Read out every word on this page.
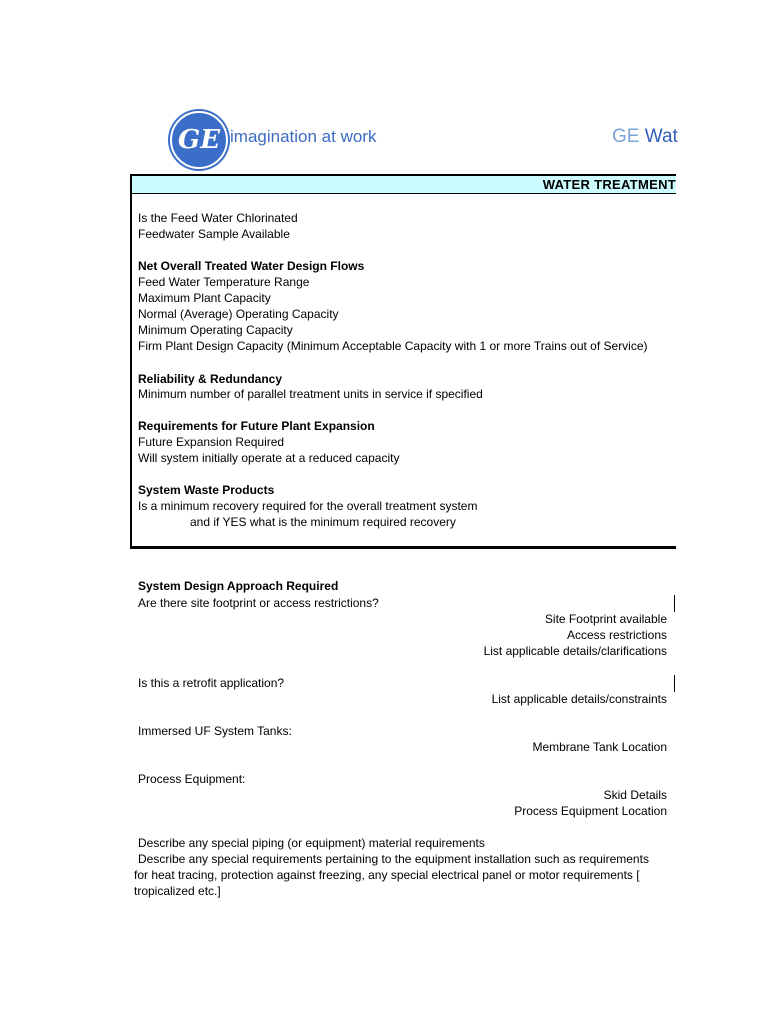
GE imagination at work	GE Wat
WATER TREATMENT
Is the Feed Water Chlorinated
Feedwater Sample Available
Net Overall Treated Water Design Flows
Feed Water Temperature Range
Maximum Plant Capacity
Normal (Average) Operating Capacity
Minimum Operating Capacity
Firm Plant Design Capacity (Minimum Acceptable Capacity with 1 or more Trains out of Service)
Reliability & Redundancy
Minimum number of parallel treatment units in service if specified
Requirements for Future Plant Expansion
Future Expansion Required
Will system initially operate at a reduced capacity
System Waste Products
Is a minimum recovery required for the overall treatment system
and if YES what is the minimum required recovery
System Design Approach Required
Are there site footprint or access restrictions?
Site Footprint available
Access restrictions
List applicable details/clarifications
Is this a retrofit application?
List applicable details/constraints
Immersed UF System Tanks:
Membrane Tank Location
Process Equipment:
Skid Details
Process Equipment Location
Describe any special piping (or equipment) material requirements
Describe any special requirements pertaining to the equipment installation such as requirements
for heat tracing, protection against freezing, any special electrical panel or motor requirements [
tropicalized etc.]
